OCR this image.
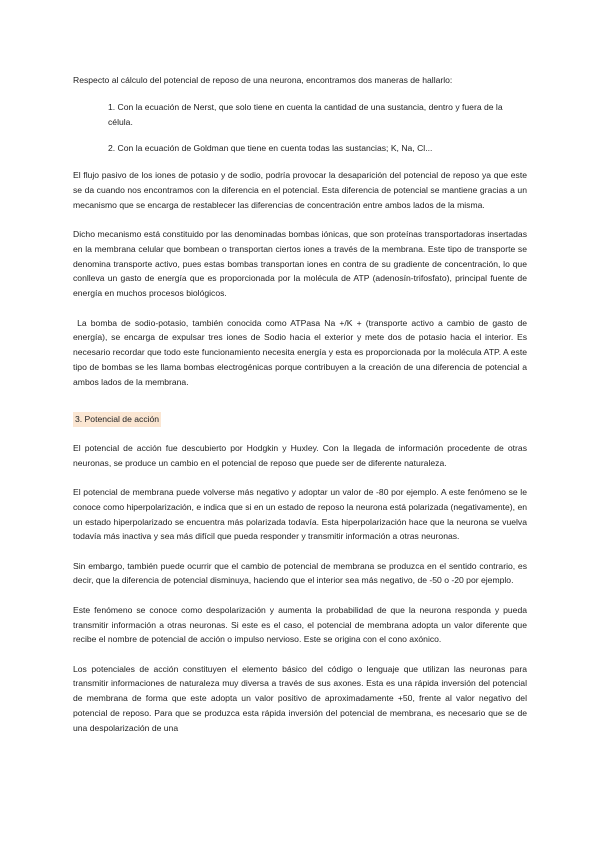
Respecto al cálculo del potencial de reposo de una neurona, encontramos dos maneras de hallarlo:

1. Con la ecuación de Nerst, que solo tiene en cuenta la cantidad de una sustancia, dentro y fuera de la célula.

2. Con la ecuación de Goldman que tiene en cuenta todas las sustancias; K, Na, Cl...

El flujo pasivo de los iones de potasio y de sodio, podría provocar la desaparición del potencial de reposo ya que este se da cuando nos encontramos con la diferencia en el potencial. Esta diferencia de potencial se mantiene gracias a un mecanismo que se encarga de restablecer las diferencias de concentración entre ambos lados de la misma.

Dicho mecanismo está constituido por las denominadas bombas iónicas, que son proteínas transportadoras insertadas en la membrana celular que bombean o transportan ciertos iones a través de la membrana. Este tipo de transporte se denomina transporte activo, pues estas bombas transportan iones en contra de su gradiente de concentración, lo que conlleva un gasto de energía que es proporcionada por la molécula de ATP (adenosín-trifosfato), principal fuente de energía en muchos procesos biológicos.

La bomba de sodio-potasio, también conocida como ATPasa Na +/K + (transporte activo a cambio de gasto de energía), se encarga de expulsar tres iones de Sodio hacia el exterior y mete dos de potasio hacia el interior. Es necesario recordar que todo este funcionamiento necesita energía y esta es proporcionada por la molécula ATP. A este tipo de bombas se les llama bombas electrogénicas porque contribuyen a la creación de una diferencia de potencial a ambos lados de la membrana.

3. Potencial de acción

El potencial de acción fue descubierto por Hodgkin y Huxley. Con la llegada de información procedente de otras neuronas, se produce un cambio en el potencial de reposo que puede ser de diferente naturaleza.

El potencial de membrana puede volverse más negativo y adoptar un valor de -80 por ejemplo. A este fenómeno se le conoce como hiperpolarización, e indica que si en un estado de reposo la neurona está polarizada (negativamente), en un estado hiperpolarizado se encuentra más polarizada todavía. Esta hiperpolarización hace que la neurona se vuelva todavía más inactiva y sea más difícil que pueda responder y transmitir información a otras neuronas.

Sin embargo, también puede ocurrir que el cambio de potencial de membrana se produzca en el sentido contrario, es decir, que la diferencia de potencial disminuya, haciendo que el interior sea más negativo, de -50 o -20 por ejemplo.

Este fenómeno se conoce como despolarización y aumenta la probabilidad de que la neurona responda y pueda transmitir información a otras neuronas. Si este es el caso, el potencial de membrana adopta un valor diferente que recibe el nombre de potencial de acción o impulso nervioso. Este se origina con el cono axónico.

Los potenciales de acción constituyen el elemento básico del código o lenguaje que utilizan las neuronas para transmitir informaciones de naturaleza muy diversa a través de sus axones. Esta es una rápida inversión del potencial de membrana de forma que este adopta un valor positivo de aproximadamente +50, frente al valor negativo del potencial de reposo. Para que se produzca esta rápida inversión del potencial de membrana, es necesario que se de una despolarización de una
